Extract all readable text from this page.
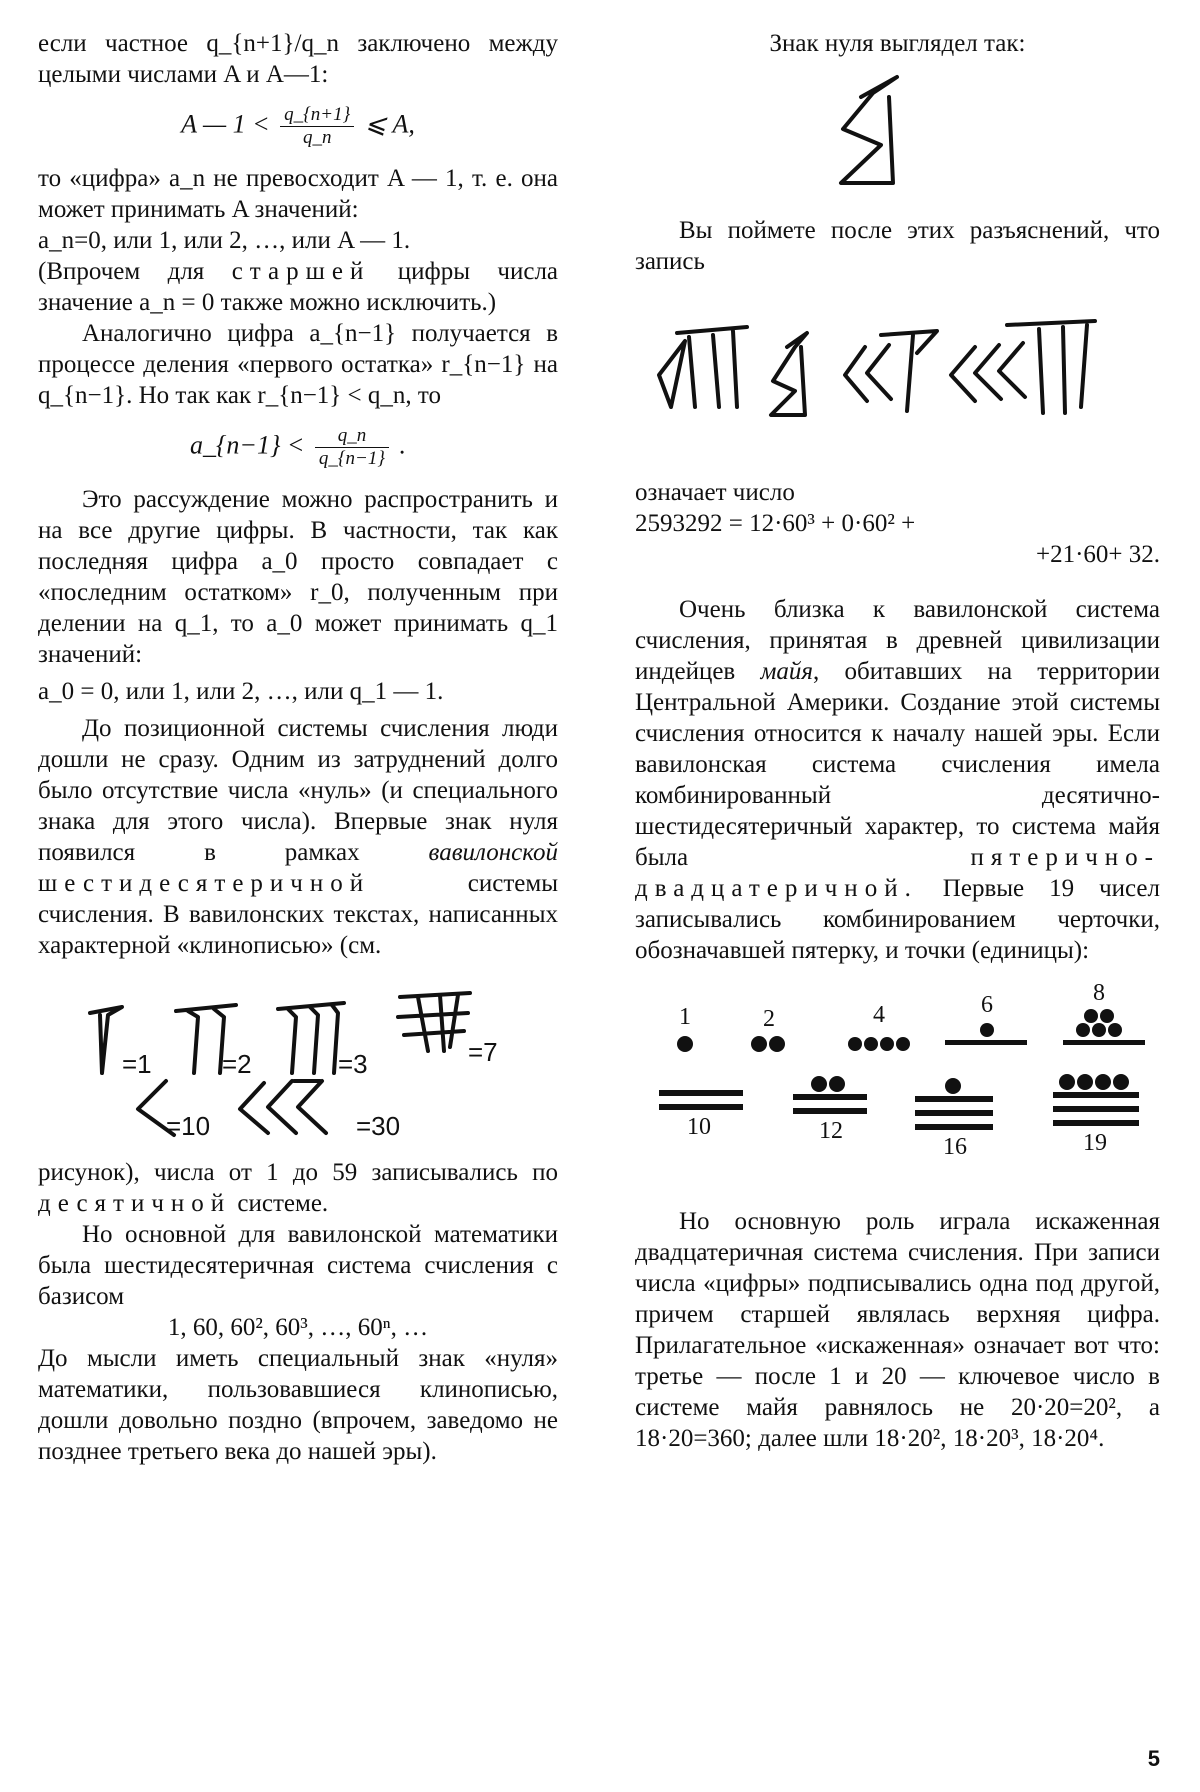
если частное q_{n+1}/q_n заключено между целыми числами A и A—1:

A — $1 < \frac{q\_\{n+1\}}{q\_n}$ ⩽ A,

то «цифра» a_n не превосходит A — 1, т. е. она может принимать A значений:

a_n=0, или 1, или 2, …, или A — 1.

(Впрочем для старшей цифры числа значение a_n = 0 также можно исключить.)

Аналогично цифра a_{n−1} получается в процессе деления «первого остатка» r_{n−1} на q_{n−1}. Но так как r_{n−1} < q_n, то

a_{n−1} < $\frac{q\_n}{q\_\{n-1\}}$ .

Это рассуждение можно распространить и на все другие цифры. В частности, так как последняя цифра a_0 просто совпадает с «последним остатком» r_0, полученным при делении на q_1, то a_0 может принимать q_1 значений:

a_0 = 0, или 1, или 2, …, или q_1 — 1.

До позиционной системы счисления люди дошли не сразу. Одним из затруднений долго было отсутствие числа «нуль» (и специального знака для этого числа). Впервые знак нуля появился в рамках	вавилонской шестидесятеричной	системы счисления. В вавилонских текстах, написанных характерной «клинописью» (см.

=1	=2	=3	=7
=10	=30

рисунок), числа от 1 до 59 записывались по десятичной системе.

Но основной для вавилонской математики была шестидесятеричная система счисления с базисом

1, 60, 60², 60³, …, 60ⁿ, …

До мысли иметь специальный знак «нуля» математики, пользовавшиеся клинописью, дошли довольно поздно (впрочем, заведомо не позднее третьего века до нашей эры).

Знак нуля выглядел так:

Вы поймете после этих разъяснений, что запись

означает число

2593292 = 12·60³ + 0·60² +

+21·60+ 32.

Очень близка к вавилонской система счисления, принятая в древней цивилизации индейцев майя, обитавших на территории Центральной Америки. Создание этой системы счисления относится к началу нашей эры. Если вавилонская система счисления имела комбинированный десятично-шестидесятеричный характер, то система майя была	пятерично-двадцатеричной. Первые 19 чисел записывались комбинированием черточки, обозначавшей пятерку, и точки (единицы):

1	2	4	6	8
10	12
16	19

Но основную роль играла искаженная двадцатеричная система счисления. При записи числа «цифры» подписывались одна под другой, причем старшей являлась верхняя цифра. Прилагательное «искаженная» означает вот что: третье — после 1 и 20 — ключевое число в системе майя равнялось не 20·20=20², а 18·20=360; далее шли 18·20², 18·20³, 18·20⁴.

5
